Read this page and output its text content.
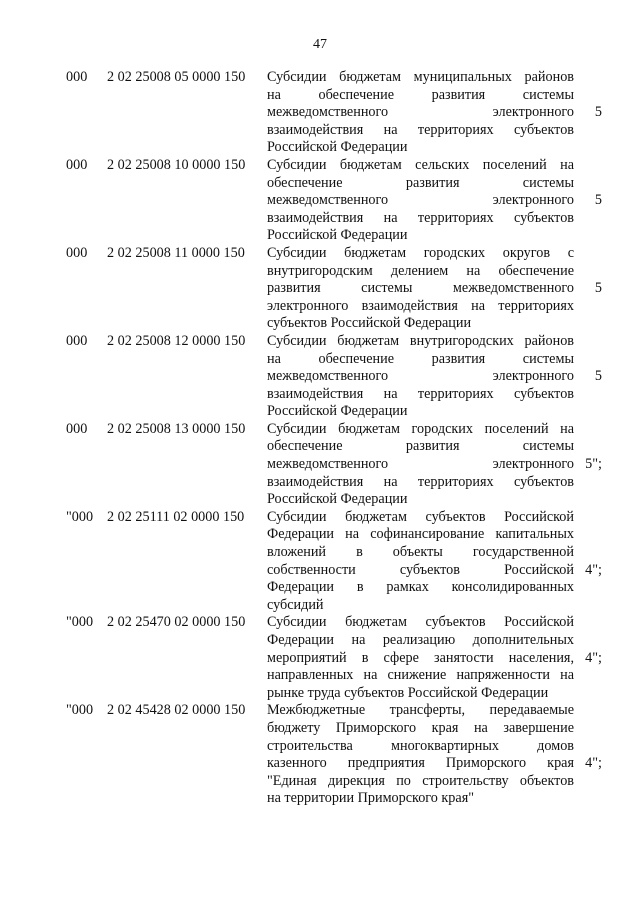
47
000	2 02 25008 05 0000 150	Субсидии бюджетам муниципальных районов
на обеспечение развития системы
межведомственного электронного
взаимодействия на территориях субъектов
Российской Федерации
5
000	2 02 25008 10 0000 150	Субсидии бюджетам сельских поселений на
обеспечение развития системы
межведомственного электронного
взаимодействия на территориях субъектов
Российской Федерации
5
000	2 02 25008 11 0000 150	Субсидии бюджетам городских округов с
внутригородским делением на обеспечение
развития системы межведомственного
электронного взаимодействия на территориях
субъектов Российской Федерации
5
000	2 02 25008 12 0000 150	Субсидии бюджетам внутригородских районов
на обеспечение развития системы
межведомственного электронного
взаимодействия на территориях субъектов
Российской Федерации
5
000	2 02 25008 13 0000 150	Субсидии бюджетам городских поселений на
обеспечение развития системы
межведомственного электронного
взаимодействия на территориях субъектов
Российской Федерации
5";
"000 2 02 25111 02 0000 150	Субсидии бюджетам субъектов Российской
Федерации на софинансирование капитальных
вложений в объекты государственной
собственности субъектов Российской
Федерации в рамках консолидированных
субсидий
4";
"000 2 02 25470 02 0000 150	Субсидии бюджетам субъектов Российской
Федерации на реализацию дополнительных
мероприятий в сфере занятости населения,
направленных на снижение напряженности на
рынке труда субъектов Российской Федерации
4";
"000 2 02 45428 02 0000 150	Межбюджетные трансферты, передаваемые
бюджету Приморского края на завершение
строительства многоквартирных домов
казенного предприятия Приморского края
"Единая дирекция по строительству объектов
на территории Приморского края"
4";
